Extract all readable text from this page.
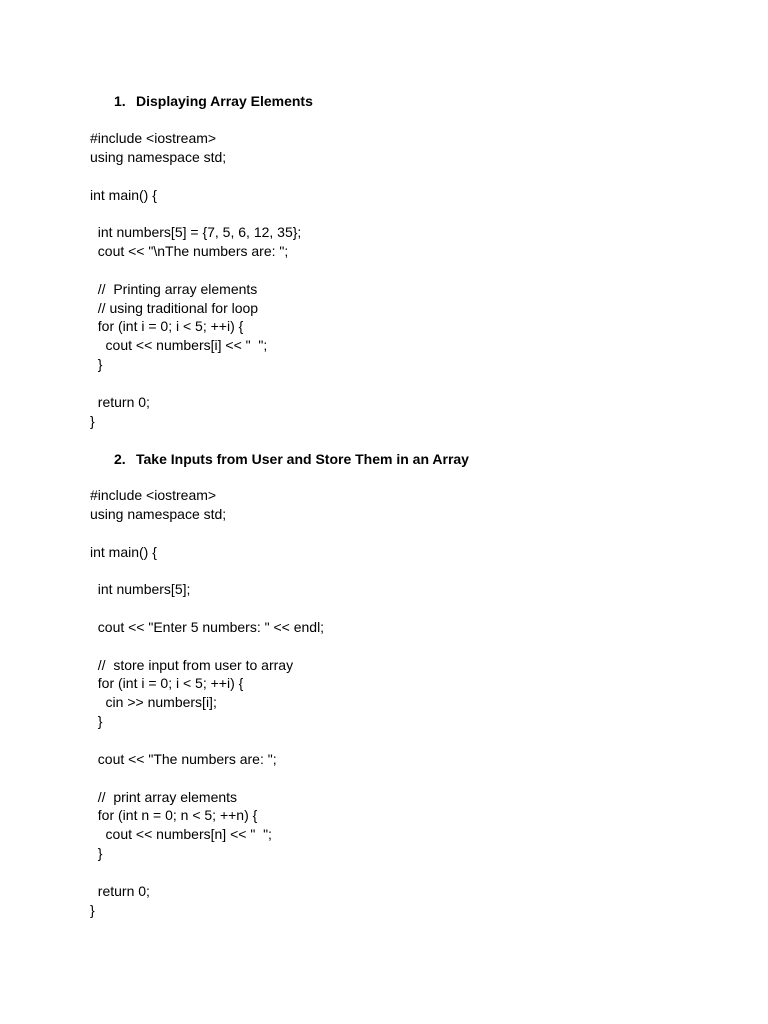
1. Displaying Array Elements
#include <iostream>
using namespace std;
int main() {
int numbers[5] = {7, 5, 6, 12, 35};
cout << "\nThe numbers are: ";
//  Printing array elements
// using traditional for loop
for (int i = 0; i < 5; ++i) {
cout << numbers[i] << "  ";
}
return 0;
}
2. Take Inputs from User and Store Them in an Array
#include <iostream>
using namespace std;
int main() {
int numbers[5];
cout << "Enter 5 numbers: " << endl;
//  store input from user to array
for (int i = 0; i < 5; ++i) {
cin >> numbers[i];
}
cout << "The numbers are: ";
//  print array elements
for (int n = 0; n < 5; ++n) {
cout << numbers[n] << "  ";
}
return 0;
}
